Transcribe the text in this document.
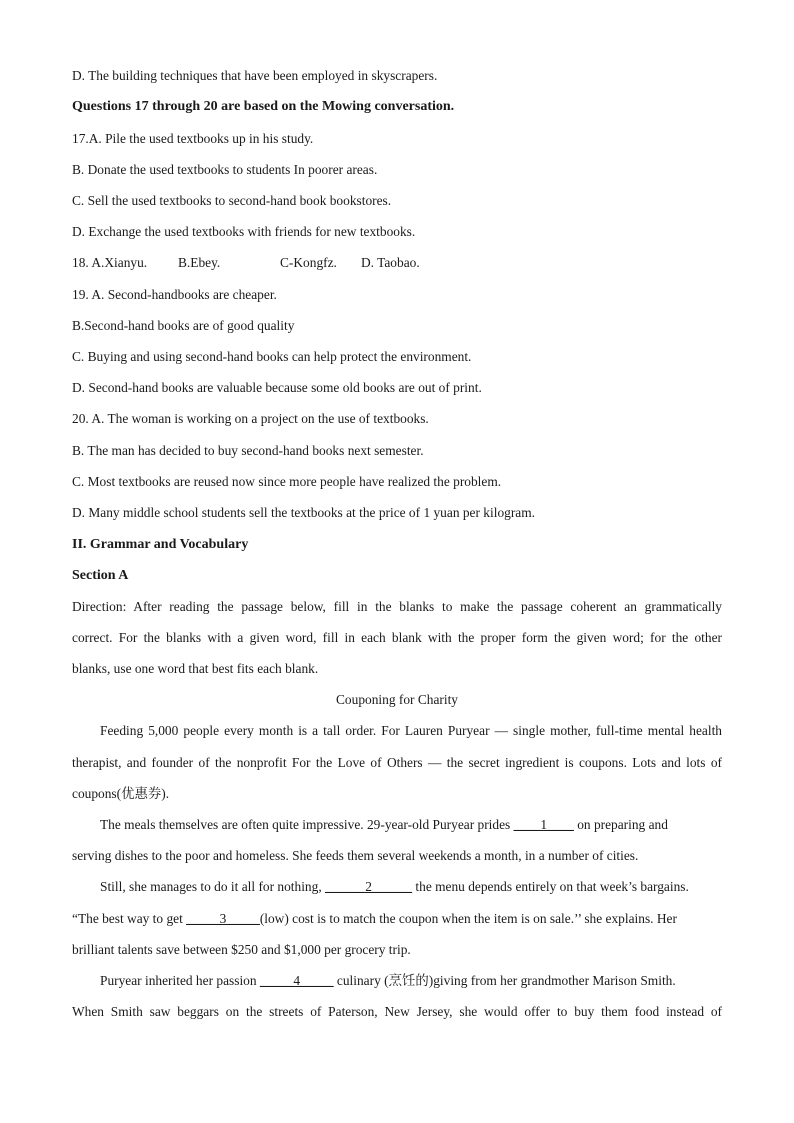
D. The building techniques that have been employed in skyscrapers.
Questions 17 through 20 are based on the Mowing conversation.
17.A. Pile the used textbooks up in his study.
B. Donate the used textbooks to students In poorer areas.
C. Sell the used textbooks to second-hand book bookstores.
D. Exchange the used textbooks with friends for new textbooks.
18. A.Xianyu. B.Ebey.	C-Kongfz. D. Taobao.
19. A. Second-handbooks are cheaper.
B.Second-hand books are of good quality
C. Buying and using second-hand books can help protect the environment.
D. Second-hand books are valuable because some old books are out of print.
20. A. The woman is working on a project on the use of textbooks.
B. The man has decided to buy second-hand books next semester.
C. Most textbooks are reused now since more people have realized the problem.
D. Many middle school students sell the textbooks at the price of 1 yuan per kilogram.
II. Grammar and Vocabulary
Section A
Direction: After reading the passage below, fill in the blanks to make the passage coherent an grammatically
correct. For the blanks with a given word, fill in each blank with the proper form the given word; for the other
blanks, use one word that best fits each blank.
Couponing for Charity
Feeding 5,000 people every month is a tall order. For Lauren Puryear — single mother, full-time mental health
therapist, and founder of the nonprofit For the Love of Others — the secret ingredient is coupons. Lots and lots of
coupons(优惠券).
The meals themselves are often quite impressive. 29-year-old Puryear prides ____1____ on preparing and
serving dishes to the poor and homeless. She feeds them several weekends a month, in a number of cities.
Still, she manages to do it all for nothing, ______2______ the menu depends entirely on that week’s bargains.
“The best way to get _____3_____(low) cost is to match the coupon when the item is on sale.’’ she explains. Her
brilliant talents save between $250 and $1,000 per grocery trip.
Puryear inherited her passion _____4_____ culinary (烹饪的)giving from her grandmother Marison Smith.
When Smith saw beggars on the streets of Paterson, New Jersey, she would offer to buy them food instead of
